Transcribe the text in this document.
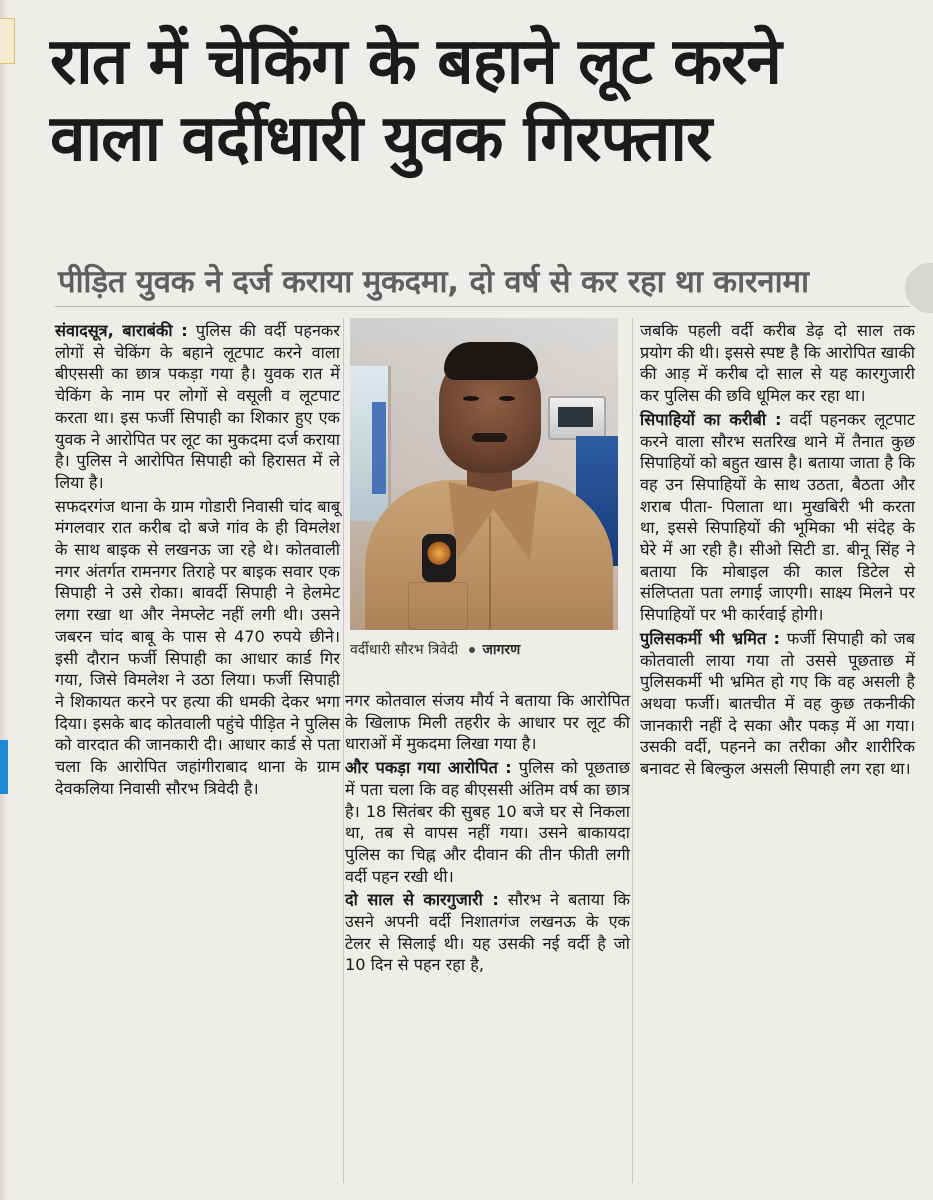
रात में चेकिंग के बहाने लूट करने
वाला वर्दीधारी युवक गिरफ्तार
पीड़ित युवक ने दर्ज कराया मुकदमा, दो वर्ष से कर रहा था कारनामा

संवादसूत्र, बाराबंकी : पुलिस की वर्दी पहनकर लोगों से चेकिंग के बहाने लूटपाट करने वाला बीएससी का छात्र पकड़ा गया है। युवक रात में चेकिंग के नाम पर लोगों से वसूली व लूटपाट करता था। इस फर्जी सिपाही का शिकार हुए एक युवक ने आरोपित पर लूट का मुकदमा दर्ज कराया है। पुलिस ने आरोपित सिपाही को हिरासत में ले लिया है।

सफदरगंज थाना के ग्राम गोडारी निवासी चांद बाबू मंगलवार रात करीब दो बजे गांव के ही विमलेश के साथ बाइक से लखनऊ जा रहे थे। कोतवाली नगर अंतर्गत रामनगर तिराहे पर बाइक सवार एक सिपाही ने उसे रोका। बावर्दी सिपाही ने हेलमेट लगा रखा था और नेमप्लेट नहीं लगी थी। उसने जबरन चांद बाबू के पास से 470 रुपये छीने। इसी दौरान फर्जी सिपाही का आधार कार्ड गिर गया, जिसे विमलेश ने उठा लिया। फर्जी सिपाही ने शिकायत करने पर हत्या की धमकी देकर भगा दिया। इसके बाद कोतवाली पहुंचे पीड़ित ने पुलिस को वारदात की जानकारी दी। आधार कार्ड से पता चला कि आरोपित जहांगीराबाद थाना के ग्राम देवकलिया निवासी सौरभ त्रिवेदी है।

वर्दीधारी सौरभ त्रिवेदी जागरण

नगर कोतवाल संजय मौर्य ने बताया कि आरोपित के खिलाफ मिली तहरीर के आधार पर लूट की धाराओं में मुकदमा लिखा गया है।

और पकड़ा गया आरोपित : पुलिस को पूछताछ में पता चला कि वह बीएससी अंतिम वर्ष का छात्र है। 18 सितंबर की सुबह 10 बजे घर से निकला था, तब से वापस नहीं गया। उसने बाकायदा पुलिस का चिह्न और दीवान की तीन फीती लगी वर्दी पहन रखी थी।

दो साल से कारगुजारी : सौरभ ने बताया कि उसने अपनी वर्दी निशातगंज लखनऊ के एक टेलर से सिलाई थी। यह उसकी नई वर्दी है जो 10 दिन से पहन रहा है,

जबकि पहली वर्दी करीब डेढ़ दो साल तक प्रयोग की थी। इससे स्पष्ट है कि आरोपित खाकी की आड़ में करीब दो साल से यह कारगुजारी कर पुलिस की छवि धूमिल कर रहा था।

सिपाहियों का करीबी : वर्दी पहनकर लूटपाट करने वाला सौरभ सतरिख थाने में तैनात कुछ सिपाहियों को बहुत खास है। बताया जाता है कि वह उन सिपाहियों के साथ उठता, बैठता और शराब पीता- पिलाता था। मुखबिरी भी करता था, इससे सिपाहियों की भूमिका भी संदेह के घेरे में आ रही है। सीओ सिटी डा. बीनू सिंह ने बताया कि मोबाइल की काल डिटेल से संलिप्तता पता लगाई जाएगी। साक्ष्य मिलने पर सिपाहियों पर भी कार्रवाई होगी।

पुलिसकर्मी भी भ्रमित : फर्जी सिपाही को जब कोतवाली लाया गया तो उससे पूछताछ में पुलिसकर्मी भी भ्रमित हो गए कि वह असली है अथवा फर्जी। बातचीत में वह कुछ तकनीकी जानकारी नहीं दे सका और पकड़ में आ गया। उसकी वर्दी, पहनने का तरीका और शारीरिक बनावट से बिल्कुल असली सिपाही लग रहा था।
